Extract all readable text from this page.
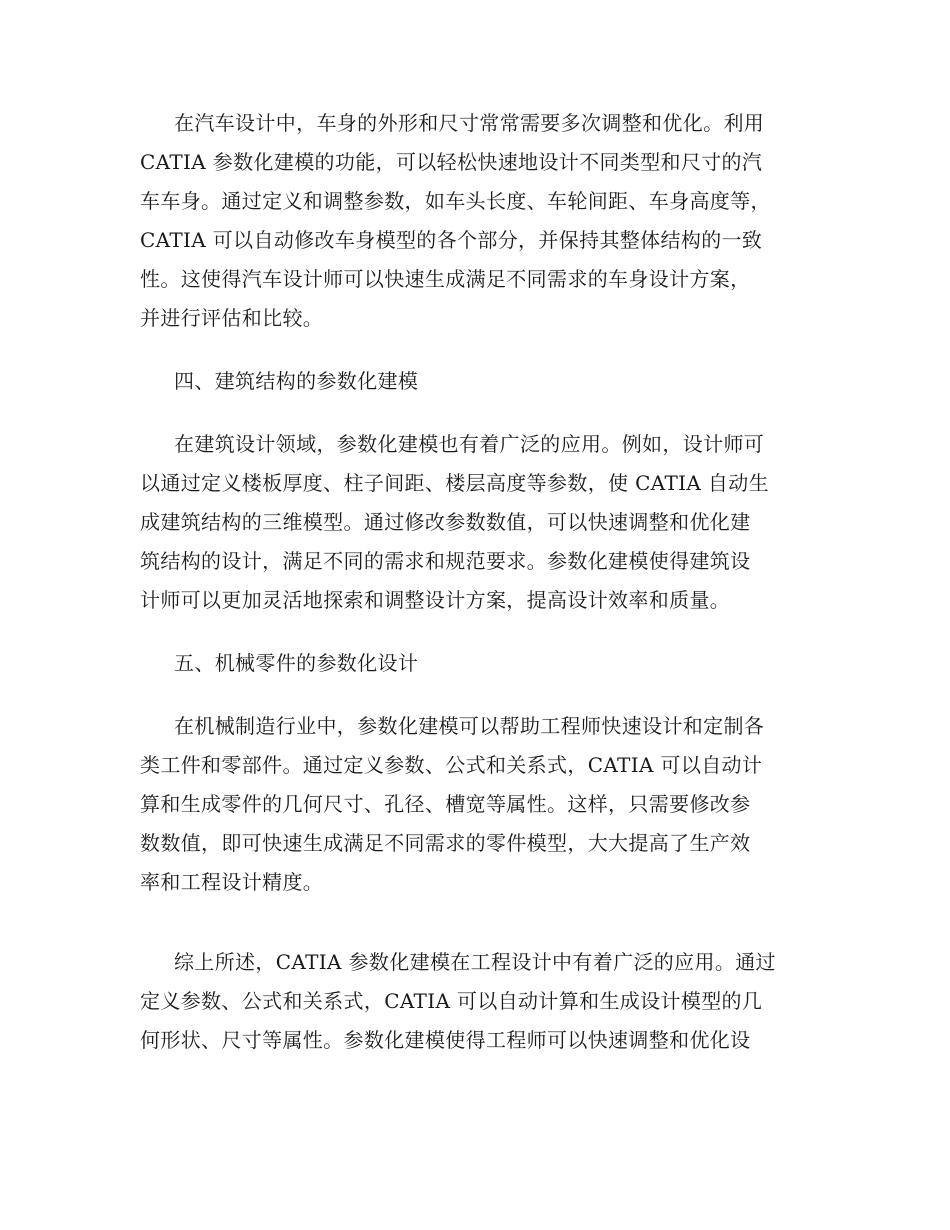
在汽车设计中，车身的外形和尺寸常常需要多次调整和优化。利用
CATIA 参数化建模的功能，可以轻松快速地设计不同类型和尺寸的汽
车车身。通过定义和调整参数，如车头长度、车轮间距、车身高度等，
CATIA 可以自动修改车身模型的各个部分，并保持其整体结构的一致
性。这使得汽车设计师可以快速生成满足不同需求的车身设计方案，
并进行评估和比较。
四、建筑结构的参数化建模
在建筑设计领域，参数化建模也有着广泛的应用。例如，设计师可
以通过定义楼板厚度、柱子间距、楼层高度等参数，使 CATIA 自动生
成建筑结构的三维模型。通过修改参数数值，可以快速调整和优化建
筑结构的设计，满足不同的需求和规范要求。参数化建模使得建筑设
计师可以更加灵活地探索和调整设计方案，提高设计效率和质量。
五、机械零件的参数化设计
在机械制造行业中，参数化建模可以帮助工程师快速设计和定制各
类工件和零部件。通过定义参数、公式和关系式，CATIA 可以自动计
算和生成零件的几何尺寸、孔径、槽宽等属性。这样，只需要修改参
数数值，即可快速生成满足不同需求的零件模型，大大提高了生产效
率和工程设计精度。
综上所述，CATIA 参数化建模在工程设计中有着广泛的应用。通过
定义参数、公式和关系式，CATIA 可以自动计算和生成设计模型的几
何形状、尺寸等属性。参数化建模使得工程师可以快速调整和优化设
